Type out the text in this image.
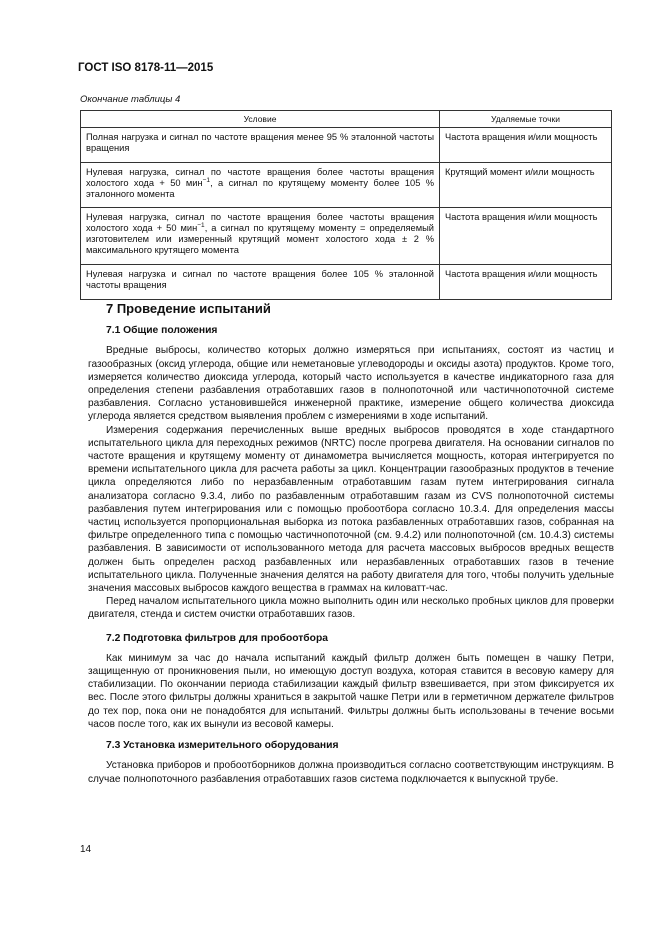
ГОСТ ISO 8178-11—2015
Окончание таблицы 4
Условие	Удаляемые точки
Полная нагрузка и сигнал по частоте вращения менее 95 % эталонной частоты вращения	Частота вращения и/или мощность
Нулевая нагрузка, сигнал по частоте вращения более частоты вращения холостого хода + 50 мин$^{-1}$, а сигнал по крутящему моменту более 105 % эталонного момента	Крутящий момент и/или мощность
Нулевая нагрузка, сигнал по частоте вращения более частоты вращения холостого хода + 50 мин$^{-1}$, а сигнал по крутящему моменту = определяемый изготовителем или измеренный крутящий момент холостого хода ± 2 % максимального крутящего момента	Частота вращения и/или мощность
Нулевая нагрузка и сигнал по частоте вращения более 105 % эталонной частоты вращения	Частота вращения и/или мощность
7 Проведение испытаний
7.1 Общие положения

Вредные выбросы, количество которых должно измеряться при испытаниях, состоят из частиц и газообразных (оксид углерода, общие или неметановые углеводороды и оксиды азота) продуктов. Кроме того, измеряется количество диоксида углерода, который часто используется в качестве индикаторного газа для определения степени разбавления отработавших газов в полнопоточной или частичнопоточной системе разбавления. Согласно установившейся инженерной практике, измерение общего количества диоксида углерода является средством выявления проблем с измерениями в ходе испытаний.

Измерения содержания перечисленных выше вредных выбросов проводятся в ходе стандартного испытательного цикла для переходных режимов (NRTC) после прогрева двигателя. На основании сигналов по частоте вращения и крутящему моменту от динамометра вычисляется мощность, которая интегрируется по времени испытательного цикла для расчета работы за цикл. Концентрации газообразных продуктов в течение цикла определяются либо по неразбавленным отработавшим газам путем интегрирования сигнала анализатора согласно 9.3.4, либо по разбавленным отработавшим газам из CVS полнопоточной системы разбавления путем интегрирования или с помощью пробоотбора согласно 10.3.4. Для определения массы частиц используется пропорциональная выборка из потока разбавленных отработавших газов, собранная на фильтре определенного типа с помощью частичнопоточной (см. 9.4.2) или полнопоточной (см. 10.4.3) системы разбавления. В зависимости от использованного метода для расчета массовых выбросов вредных веществ должен быть определен расход разбавленных или неразбавленных отработавших газов в течение испытательного цикла. Полученные значения делятся на работу двигателя для того, чтобы получить удельные значения массовых выбросов каждого вещества в граммах на киловатт-час.

Перед началом испытательного цикла можно выполнить один или несколько пробных циклов для проверки двигателя, стенда и систем очистки отработавших газов.

7.2 Подготовка фильтров для пробоотбора

Как минимум за час до начала испытаний каждый фильтр должен быть помещен в чашку Петри, защищенную от проникновения пыли, но имеющую доступ воздуха, которая ставится в весовую камеру для стабилизации. По окончании периода стабилизации каждый фильтр взвешивается, при этом фиксируется их вес. После этого фильтры должны храниться в закрытой чашке Петри или в герметичном держателе фильтров до тех пор, пока они не понадобятся для испытаний. Фильтры должны быть использованы в течение восьми часов после того, как их вынули из весовой камеры.

7.3 Установка измерительного оборудования

Установка приборов и пробоотборников должна производиться согласно соответствующим инструкциям. В случае полнопоточного разбавления отработавших газов система подключается к выпускной трубе.

14
